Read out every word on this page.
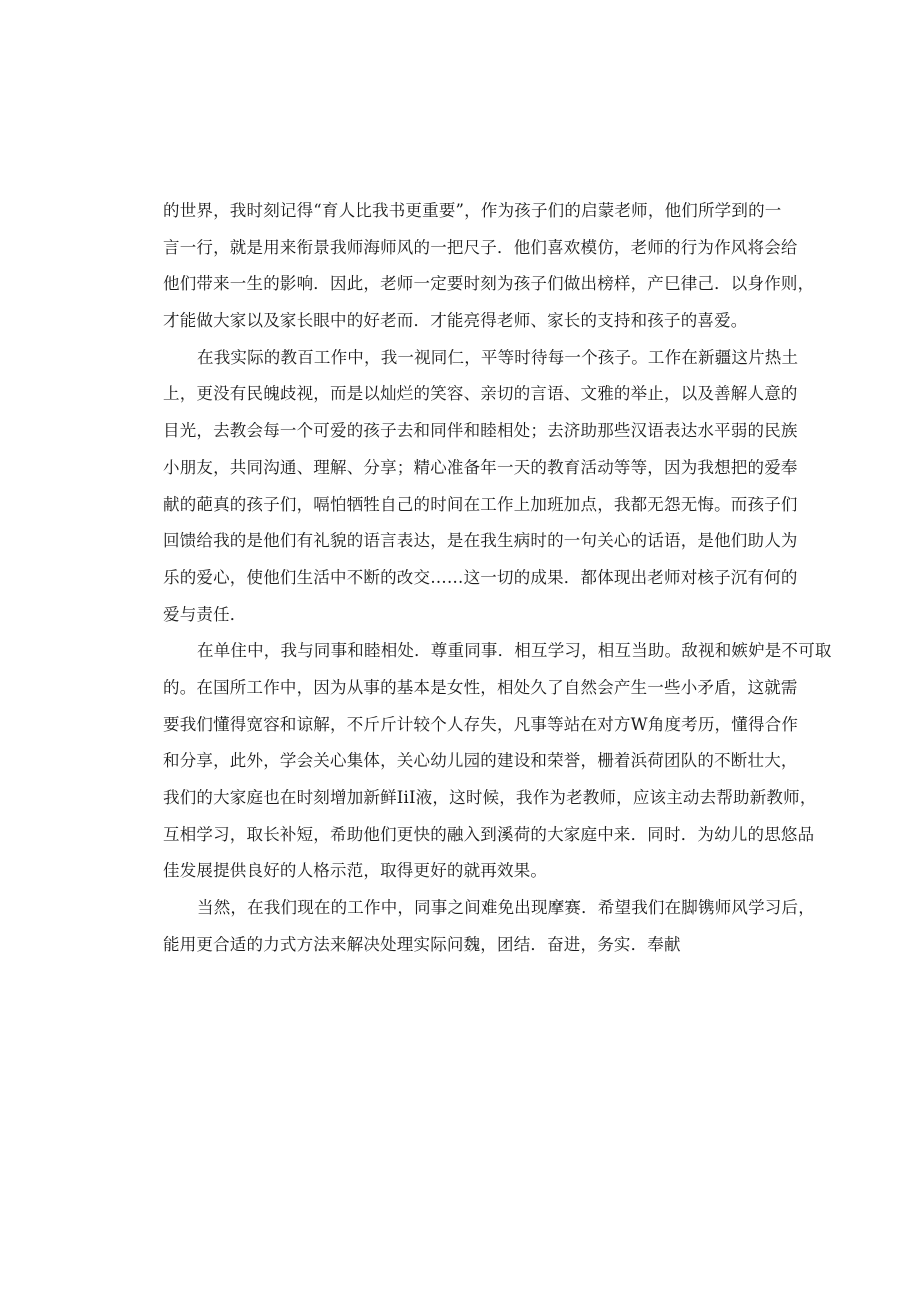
的世界，我时刻记得“育人比我书更重要”，作为孩子们的启蒙老师，他们所学到的一
言一行，就是用来衔景我师海师风的一把尺子．他们喜欢模仿，老师的行为作风将会给
他们带来一生的影响．因此，老师一定要时刻为孩子们做出榜样，产巳律己．以身作则，
才能做大家以及家长眼中的好老而．才能亮得老师、家长的支持和孩子的喜爱。
在我实际的教百工作中，我一视同仁，平等时待每一个孩子。工作在新疆这片热土
上，更没有民魄歧视，而是以灿烂的笑容、亲切的言语、文雅的举止，以及善解人意的
目光，去教会每一个可爱的孩子去和同伴和睦相处；去济助那些汉语表达水平弱的民族
小朋友，共同沟通、理解、分享；精心准备年一天的教育活动等等，因为我想把的爱奉
献的葩真的孩子们，嗝怕牺牲自己的时间在工作上加班加点，我都无怨无悔。而孩子们
回馈给我的是他们有礼貌的语言表达，是在我生病时的一句关心的话语，是他们助人为
乐的爱心，使他们生活中不断的改交……这一切的成果．都体现出老师对核子沉有何的
爱与责任．
在单住中，我与同事和睦相处．尊重同事．相互学习，相互当助。敌视和嫉妒是不可取
的。在国所工作中，因为从事的基本是女性，相处久了自然会产生一些小矛盾，这就需
要我们懂得宽容和谅解，不斤斤计较个人存失，凡事等站在对方W角度考历，懂得合作
和分享，此外，学会关心集体，关心幼儿园的建设和荣誉，栅着浜荷团队的不断壮大，
我们的大家庭也在时刻增加新鲜IiI液，这时候，我作为老教师，应该主动去帮助新教师，
互相学习，取长补短，希助他们更快的融入到溪荷的大家庭中来．同时．为幼儿的思悠品
佳发展提供良好的人格示范，取得更好的就再效果。
当然，在我们现在的工作中，同事之间难免出现摩赛．希望我们在脚镌师风学习后，
能用更合适的力式方法来解决处理实际问魏，团结．奋进，务实．奉献
